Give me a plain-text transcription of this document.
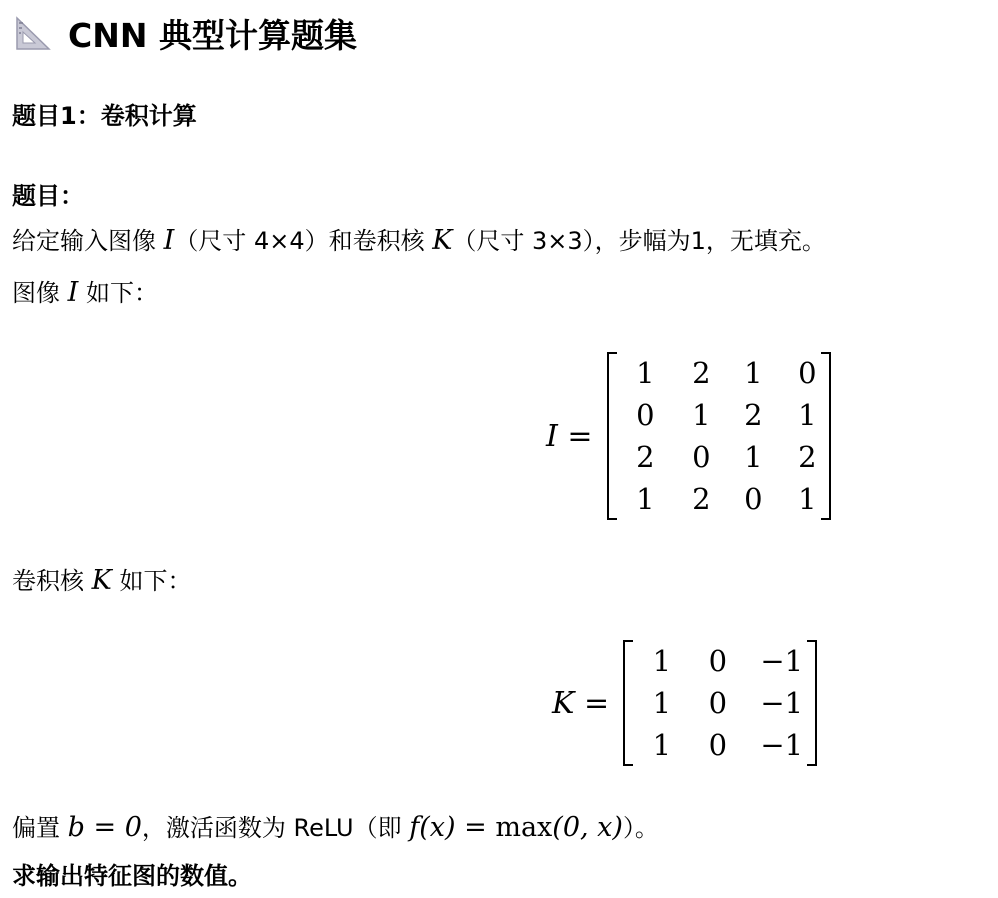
CNN 典型计算题集
题目1：卷积计算
题目：
给定输入图像 I（尺寸 4×4）和卷积核 K（尺寸 3×3），步幅为1，无填充。
图像 I 如下：
I =
1	2	1	0
0	1	2	1
2	0	1	2
1	2	0	1
卷积核 K 如下：
K =
1	0	−1
1	0	−1
1	0	−1
偏置 b = 0，激活函数为 ReLU（即 f(x) = max(0, x)）。
求输出特征图的数值。
